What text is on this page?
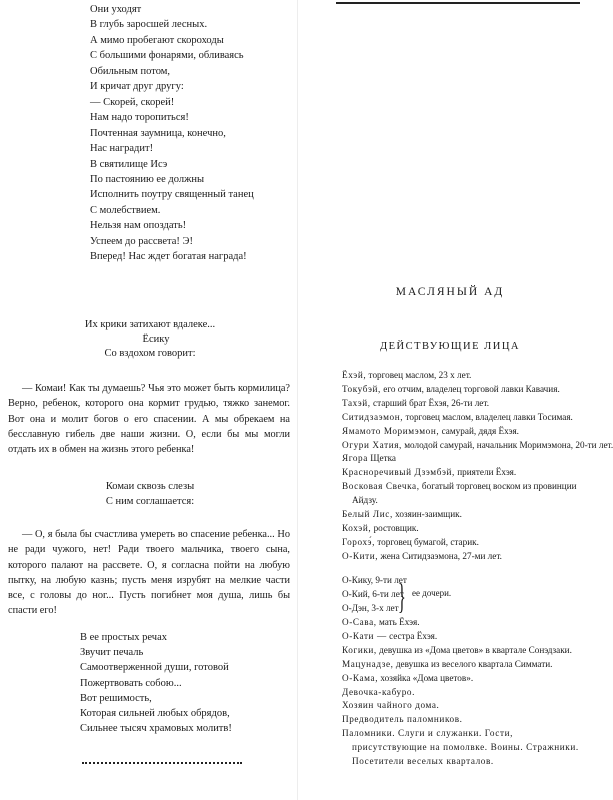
Они уходят
В глубь заросшей лесных.
А мимо пробегают скороходы
С большими фонарями, обливаясь
Обильным потом,
И кричат друг другу:
— Скорей, скорей!
Нам надо торопиться!
Почтенная заумница, конечно,
Нас наградит!
В святилище Исэ
По пастоянию ее должны
Исполнить поутру священный танец
С молебствием.
Нельзя нам опоздать!
Успеем до рассвета! Э!
Вперед! Нас ждет богатая награда!
Их крики затихают вдалеке...
Ёсику
Со вздохом говорит:

— Комаи! Как ты думаешь? Чья это может быть кормилица? Верно, ребенок, которого она кормит грудью, тяжко занемог. Вот она и молит богов о его спасении. А мы обрекаем на бесславную гибель две наши жизни. О, если бы мы могли отдать их в обмен на жизнь этого ребенка!

Комаи сквозь слезы
С ним соглашается:

— О, я была бы счастлива умереть во спасение ребенка... Но не ради чужого, нет! Ради твоего мальчика, твоего сына, которого палают на рассвете. О, я согласна пойти на любую пытку, на любую казнь; пусть меня изрубят на мелкие части все, с головы до ног... Пусть погибнет моя душа, лишь бы спасти его!

В ее простых речах
Звучит печаль
Самоотверженной души, готовой
Пожертвовать собою...
Вот решимость,
Которая сильней любых обрядов,
Сильнее тысяч храмовых молитв!
МАСЛЯНЫЙ АД
ДЕЙСТВУЮЩИЕ ЛИЦА
Ёхэй, торговец маслом, 23 х лет.
Токубэй, его отчим, владелец торговой лавки Кавачия.
Тахэй, старший брат Ёхэя, 26-ти лет.
Ситидзаэмон, торговец маслом, владелец лавки Тосимая.
Ямамото Моримэмон, самурай, дядя Ёхэя.
Огури Хатия, молодой самурай, начальник Моримэмона, 20-ти лет.
Ягора Щетка
Красноречивый Дзэмбэй, приятели Ёхэя.
Восковая Свечка, богатый торговец воском из провинции Айдзу.
Белый Лис, хозяин-заимщик.
Кохэй, ростовщик.
Горохэ́, торговец бумагой, старик.
О-Кити, жена Ситидзаэмона, 27-ми лет.
О-Кику, 9-ти лет
О-Кий, 6-ти лет
О-Дэн, 3-х лет } ее дочери.
О-Сава, мать Ёхэя.
О-Кати — сестра Ёхэя.
Когики, девушка из «Дома цветов» в квартале Сонэдзаки.
Мацунадзе, девушка из веселого квартала Симмати.
О-Кама, хозяйка «Дома цветов».
Девочка-кабуро.
Хозяин чайного дома.
Предводитель паломников.
Паломники. Слуги и служанки. Гости, присутствующие на помолвке. Воины. Стражники. Посетители веселых кварталов.
